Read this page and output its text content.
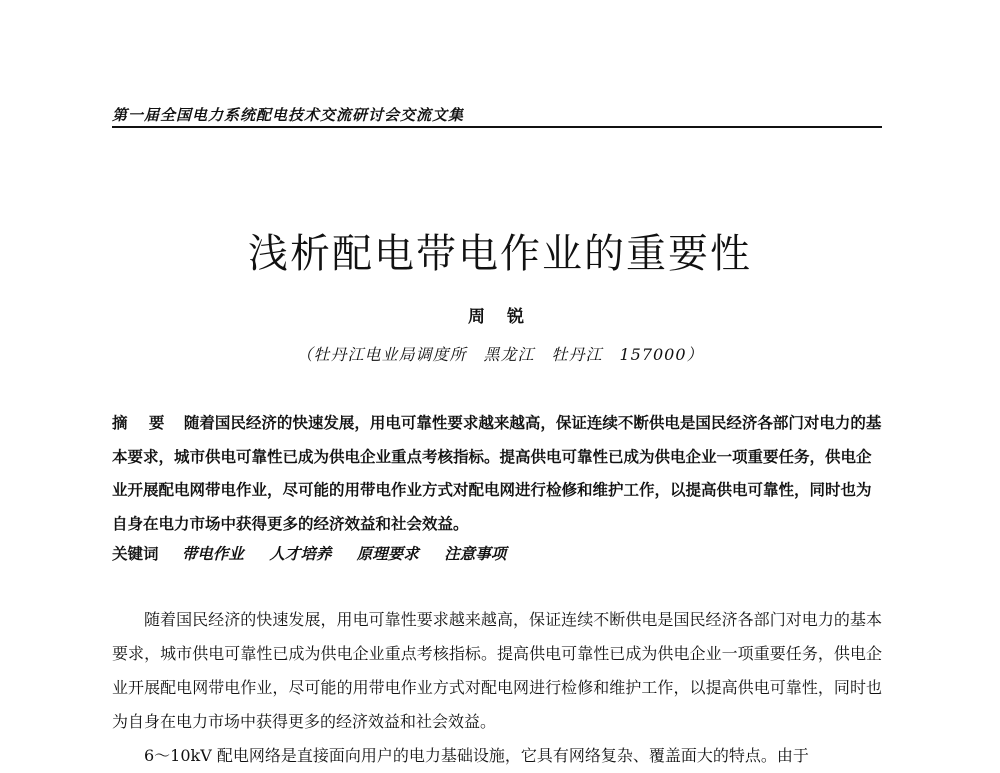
第一届全国电力系统配电技术交流研讨会交流文集
浅析配电带电作业的重要性
周 锐
（牡丹江电业局调度所　黑龙江　牡丹江　157000）
摘 要 随着国民经济的快速发展，用电可靠性要求越来越高，保证连续不断供电是国民经济各部门对电力的基本要求，城市供电可靠性已成为供电企业重点考核指标。提高供电可靠性已成为供电企业一项重要任务，供电企业开展配电网带电作业，尽可能的用带电作业方式对配电网进行检修和维护工作，以提高供电可靠性，同时也为自身在电力市场中获得更多的经济效益和社会效益。
关键词 带电作业 人才培养 原理要求 注意事项

随着国民经济的快速发展，用电可靠性要求越来越高，保证连续不断供电是国民经济各部门对电力的基本要求，城市供电可靠性已成为供电企业重点考核指标。提高供电可靠性已成为供电企业一项重要任务，供电企业开展配电网带电作业，尽可能的用带电作业方式对配电网进行检修和维护工作，以提高供电可靠性，同时也为自身在电力市场中获得更多的经济效益和社会效益。

6～10kV 配电网络是直接面向用户的电力基础设施，它具有网络复杂、覆盖面大的特点。由于
